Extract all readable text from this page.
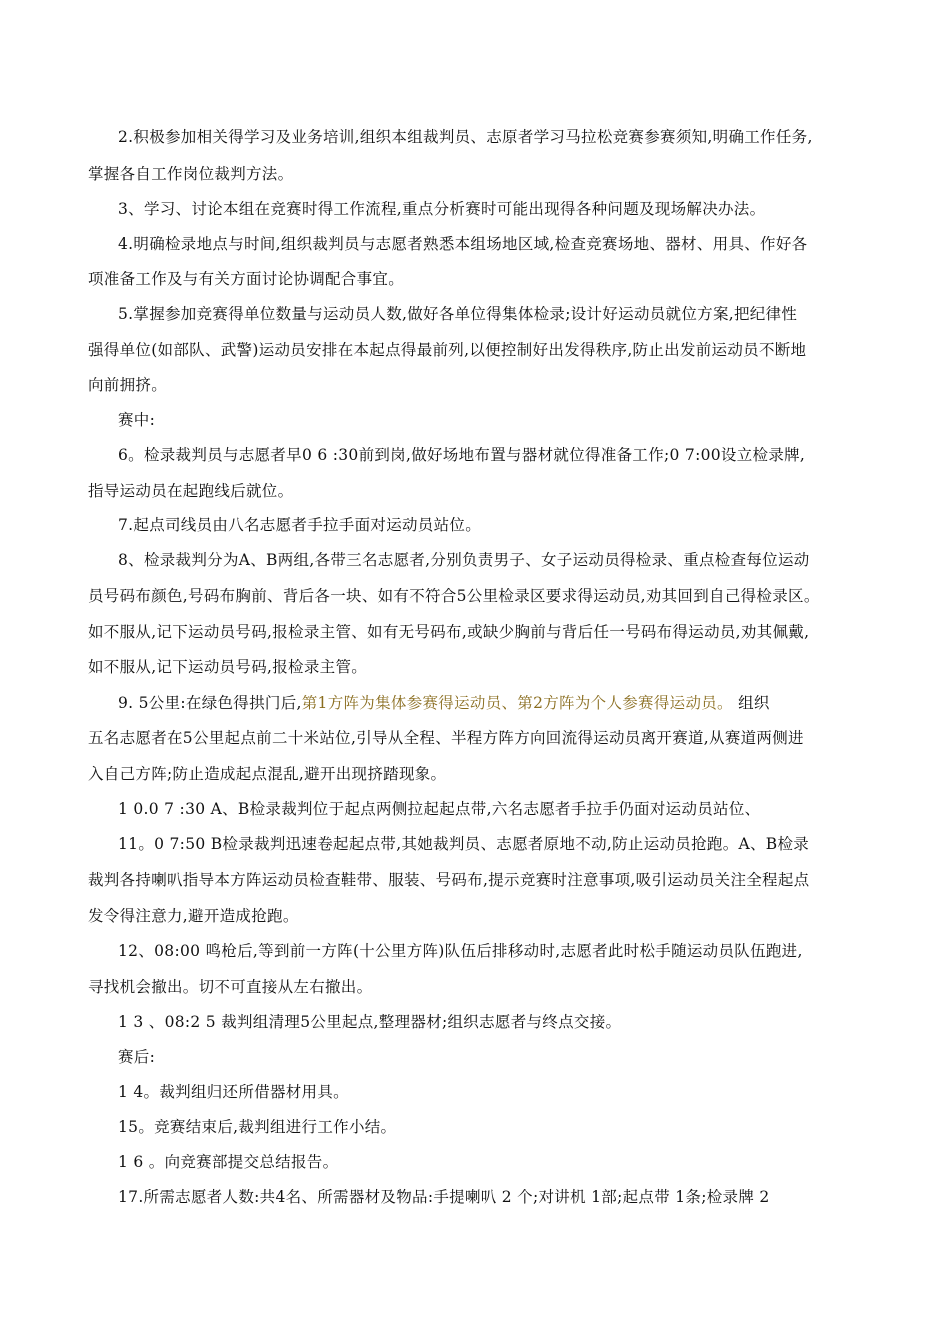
2.积极参加相关得学习及业务培训,组织本组裁判员、志原者学习马拉松竞赛参赛须知,明确工作任务,
掌握各自工作岗位裁判方法。
3、学习、讨论本组在竞赛时得工作流程,重点分析赛时可能出现得各种问题及现场解决办法。
4.明确检录地点与时间,组织裁判员与志愿者熟悉本组场地区域,检查竞赛场地、器材、用具、作好各
项准备工作及与有关方面讨论协调配合事宜。
5.掌握参加竞赛得单位数量与运动员人数,做好各单位得集体检录;设计好运动员就位方案,把纪律性
强得单位(如部队、武警)运动员安排在本起点得最前列,以便控制好出发得秩序,防止出发前运动员不断地
向前拥挤。
赛中:
6。检录裁判员与志愿者早0 6 :30前到岗,做好场地布置与器材就位得准备工作;0 7:00设立检录牌,
指导运动员在起跑线后就位。
7.起点司线员由八名志愿者手拉手面对运动员站位。
8、检录裁判分为A、B两组,各带三名志愿者,分别负责男子、女子运动员得检录、重点检查每位运动
员号码布颜色,号码布胸前、背后各一块、如有不符合5公里检录区要求得运动员,劝其回到自己得检录区。
如不服从,记下运动员号码,报检录主管、如有无号码布,或缺少胸前与背后任一号码布得运动员,劝其佩戴,
如不服从,记下运动员号码,报检录主管。
9. 5公里:在绿色得拱门后,第1方阵为集体参赛得运动员、第2方阵为个人参赛得运动员。 组织
五名志愿者在5公里起点前二十米站位,引导从全程、半程方阵方向回流得运动员离开赛道,从赛道两侧进
入自己方阵;防止造成起点混乱,避开出现挤踏现象。
1 0.0 7 :30 A、B检录裁判位于起点两侧拉起起点带,六名志愿者手拉手仍面对运动员站位、
11。0 7:50 B检录裁判迅速卷起起点带,其她裁判员、志愿者原地不动,防止运动员抢跑。A、B检录
裁判各持喇叭指导本方阵运动员检查鞋带、服装、号码布,提示竞赛时注意事项,吸引运动员关注全程起点
发令得注意力,避开造成抢跑。
12、08:00 鸣枪后,等到前一方阵(十公里方阵)队伍后排移动时,志愿者此时松手随运动员队伍跑进,
寻找机会撤出。切不可直接从左右撤出。
1 3 、08:2 5 裁判组清理5公里起点,整理器材;组织志愿者与终点交接。
赛后:
1 4。裁判组归还所借器材用具。
15。竞赛结束后,裁判组进行工作小结。
1 6 。向竞赛部提交总结报告。
17.所需志愿者人数:共4名、所需器材及物品:手提喇叭 2 个;对讲机 1部;起点带 1条;检录牌 2
